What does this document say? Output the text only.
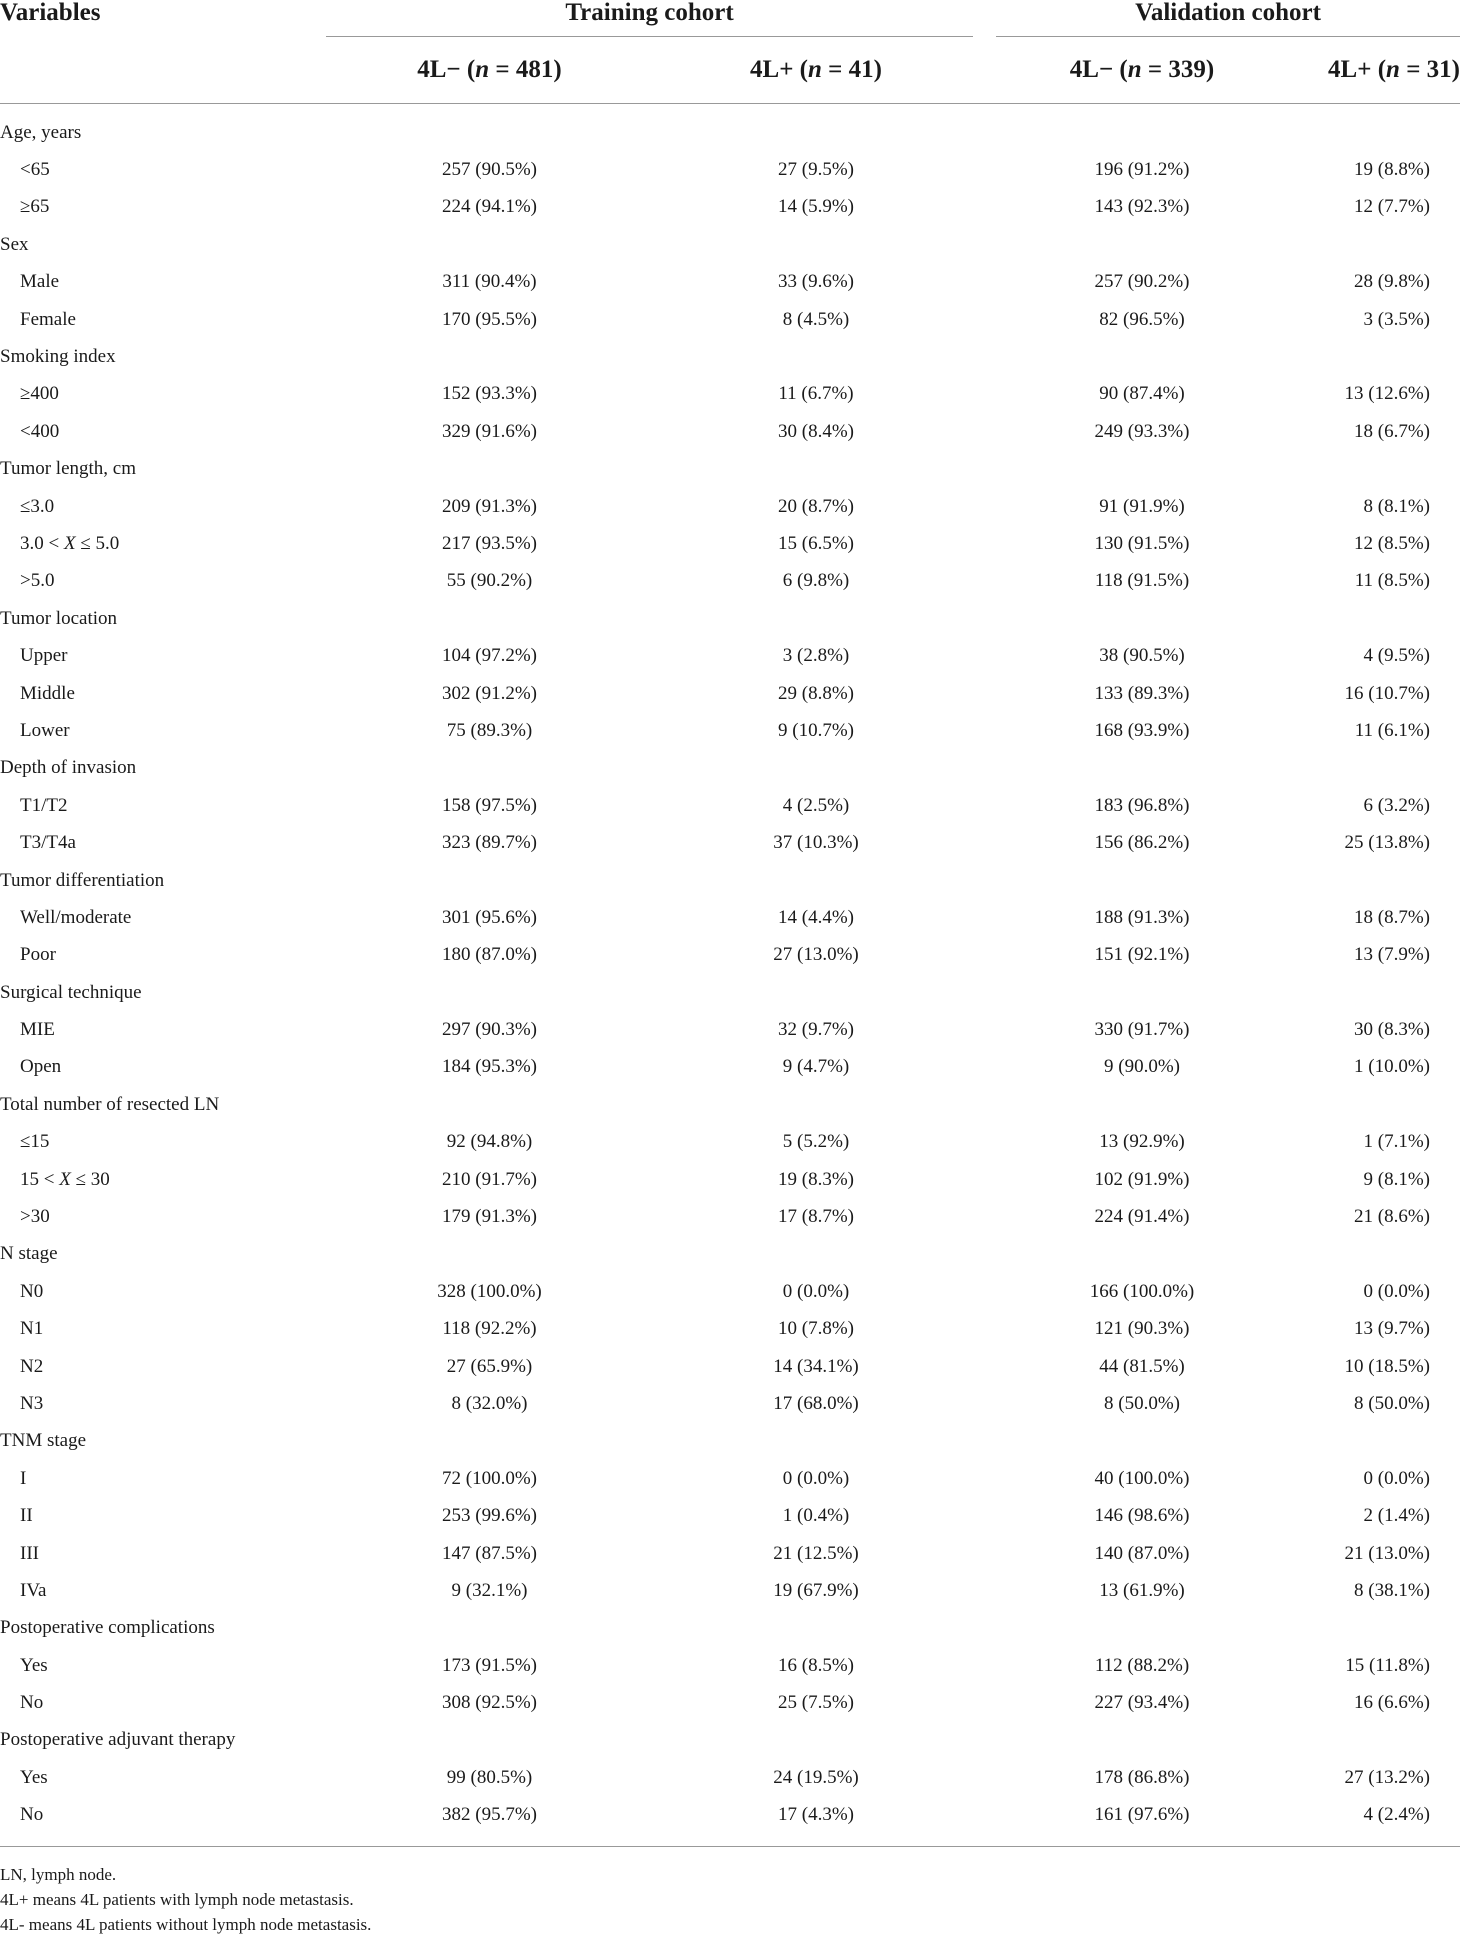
Variables	Training cohort		Validation cohort	

	4L− (n = 481)	4L+ (n = 41)	4L− (n = 339)	4L+ (n = 31)
Age, years				
<65	257 (90.5%)	27 (9.5%)	196 (91.2%)	19 (8.8%)
≥65	224 (94.1%)	14 (5.9%)	143 (92.3%)	12 (7.7%)
Sex				
Male	311 (90.4%)	33 (9.6%)	257 (90.2%)	28 (9.8%)
Female	170 (95.5%)	8 (4.5%)	82 (96.5%)	3 (3.5%)
Smoking index				
≥400	152 (93.3%)	11 (6.7%)	90 (87.4%)	13 (12.6%)
<400	329 (91.6%)	30 (8.4%)	249 (93.3%)	18 (6.7%)
Tumor length, cm				
≤3.0	209 (91.3%)	20 (8.7%)	91 (91.9%)	8 (8.1%)
3.0 < X ≤ 5.0	217 (93.5%)	15 (6.5%)	130 (91.5%)	12 (8.5%)
>5.0	55 (90.2%)	6 (9.8%)	118 (91.5%)	11 (8.5%)
Tumor location				
Upper	104 (97.2%)	3 (2.8%)	38 (90.5%)	4 (9.5%)
Middle	302 (91.2%)	29 (8.8%)	133 (89.3%)	16 (10.7%)
Lower	75 (89.3%)	9 (10.7%)	168 (93.9%)	11 (6.1%)
Depth of invasion				
T1/T2	158 (97.5%)	4 (2.5%)	183 (96.8%)	6 (3.2%)
T3/T4a	323 (89.7%)	37 (10.3%)	156 (86.2%)	25 (13.8%)
Tumor differentiation				
Well/moderate	301 (95.6%)	14 (4.4%)	188 (91.3%)	18 (8.7%)
Poor	180 (87.0%)	27 (13.0%)	151 (92.1%)	13 (7.9%)
Surgical technique				
MIE	297 (90.3%)	32 (9.7%)	330 (91.7%)	30 (8.3%)
Open	184 (95.3%)	9 (4.7%)	9 (90.0%)	1 (10.0%)
Total number of resected LN				
≤15	92 (94.8%)	5 (5.2%)	13 (92.9%)	1 (7.1%)
15 < X ≤ 30	210 (91.7%)	19 (8.3%)	102 (91.9%)	9 (8.1%)
>30	179 (91.3%)	17 (8.7%)	224 (91.4%)	21 (8.6%)
N stage				
N0	328 (100.0%)	0 (0.0%)	166 (100.0%)	0 (0.0%)
N1	118 (92.2%)	10 (7.8%)	121 (90.3%)	13 (9.7%)
N2	27 (65.9%)	14 (34.1%)	44 (81.5%)	10 (18.5%)
N3	8 (32.0%)	17 (68.0%)	8 (50.0%)	8 (50.0%)
TNM stage				
I	72 (100.0%)	0 (0.0%)	40 (100.0%)	0 (0.0%)
II	253 (99.6%)	1 (0.4%)	146 (98.6%)	2 (1.4%)
III	147 (87.5%)	21 (12.5%)	140 (87.0%)	21 (13.0%)
IVa	9 (32.1%)	19 (67.9%)	13 (61.9%)	8 (38.1%)
Postoperative complications				
Yes	173 (91.5%)	16 (8.5%)	112 (88.2%)	15 (11.8%)
No	308 (92.5%)	25 (7.5%)	227 (93.4%)	16 (6.6%)
Postoperative adjuvant therapy				
Yes	99 (80.5%)	24 (19.5%)	178 (86.8%)	27 (13.2%)
No	382 (95.7%)	17 (4.3%)	161 (97.6%)	4 (2.4%)
LN, lymph node.
4L+ means 4L patients with lymph node metastasis.
4L- means 4L patients without lymph node metastasis.
